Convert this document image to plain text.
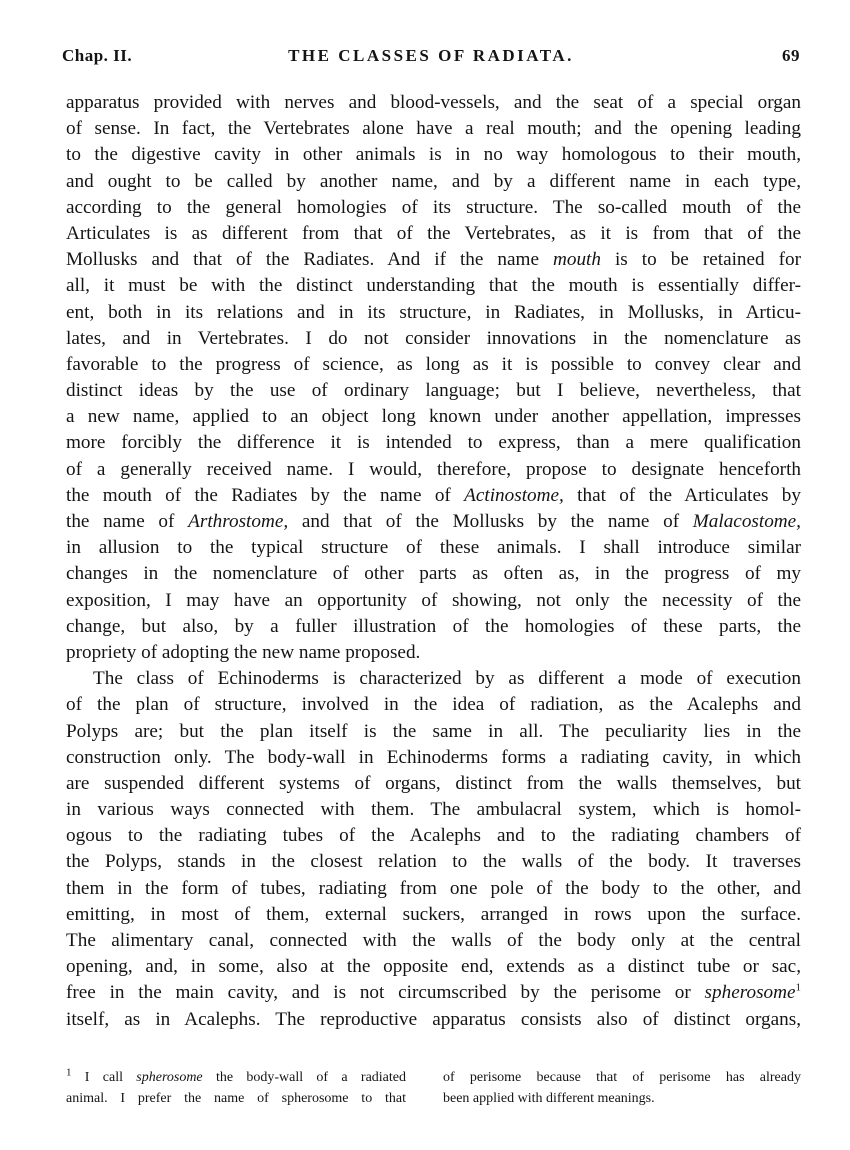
Chap. II.	THE CLASSES OF RADIATA.	69
apparatus provided with nerves and blood-vessels, and the seat of a special organ
of sense. In fact, the Vertebrates alone have a real mouth; and the opening leading
to the digestive cavity in other animals is in no way homologous to their mouth,
and ought to be called by another name, and by a different name in each type,
according to the general homologies of its structure. The so-called mouth of the
Articulates is as different from that of the Vertebrates, as it is from that of the
Mollusks and that of the Radiates. And if the name mouth is to be retained for
all, it must be with the distinct understanding that the mouth is essentially differ-
ent, both in its relations and in its structure, in Radiates, in Mollusks, in Articu-
lates, and in Vertebrates. I do not consider innovations in the nomenclature as
favorable to the progress of science, as long as it is possible to convey clear and
distinct ideas by the use of ordinary language; but I believe, nevertheless, that
a new name, applied to an object long known under another appellation, impresses
more forcibly the difference it is intended to express, than a mere qualification
of a generally received name. I would, therefore, propose to designate henceforth
the mouth of the Radiates by the name of Actinostome, that of the Articulates by
the name of Arthrostome, and that of the Mollusks by the name of Malacostome,
in allusion to the typical structure of these animals. I shall introduce similar
changes in the nomenclature of other parts as often as, in the progress of my
exposition, I may have an opportunity of showing, not only the necessity of the
change, but also, by a fuller illustration of the homologies of these parts, the
propriety of adopting the new name proposed.
The class of Echinoderms is characterized by as different a mode of execution
of the plan of structure, involved in the idea of radiation, as the Acalephs and
Polyps are; but the plan itself is the same in all. The peculiarity lies in the
construction only. The body-wall in Echinoderms forms a radiating cavity, in which
are suspended different systems of organs, distinct from the walls themselves, but
in various ways connected with them. The ambulacral system, which is homol-
ogous to the radiating tubes of the Acalephs and to the radiating chambers of
the Polyps, stands in the closest relation to the walls of the body. It traverses
them in the form of tubes, radiating from one pole of the body to the other, and
emitting, in most of them, external suckers, arranged in rows upon the surface.
The alimentary canal, connected with the walls of the body only at the central
opening, and, in some, also at the opposite end, extends as a distinct tube or sac,
free in the main cavity, and is not circumscribed by the perisome or spherosome$^1$
itself, as in Acalephs. The reproductive apparatus consists also of distinct organs,
$^1$ I call spherosome the body-wall of a radiated
animal. I prefer the name of spherosome to that
of perisome because that of perisome has already
been applied with different meanings.
